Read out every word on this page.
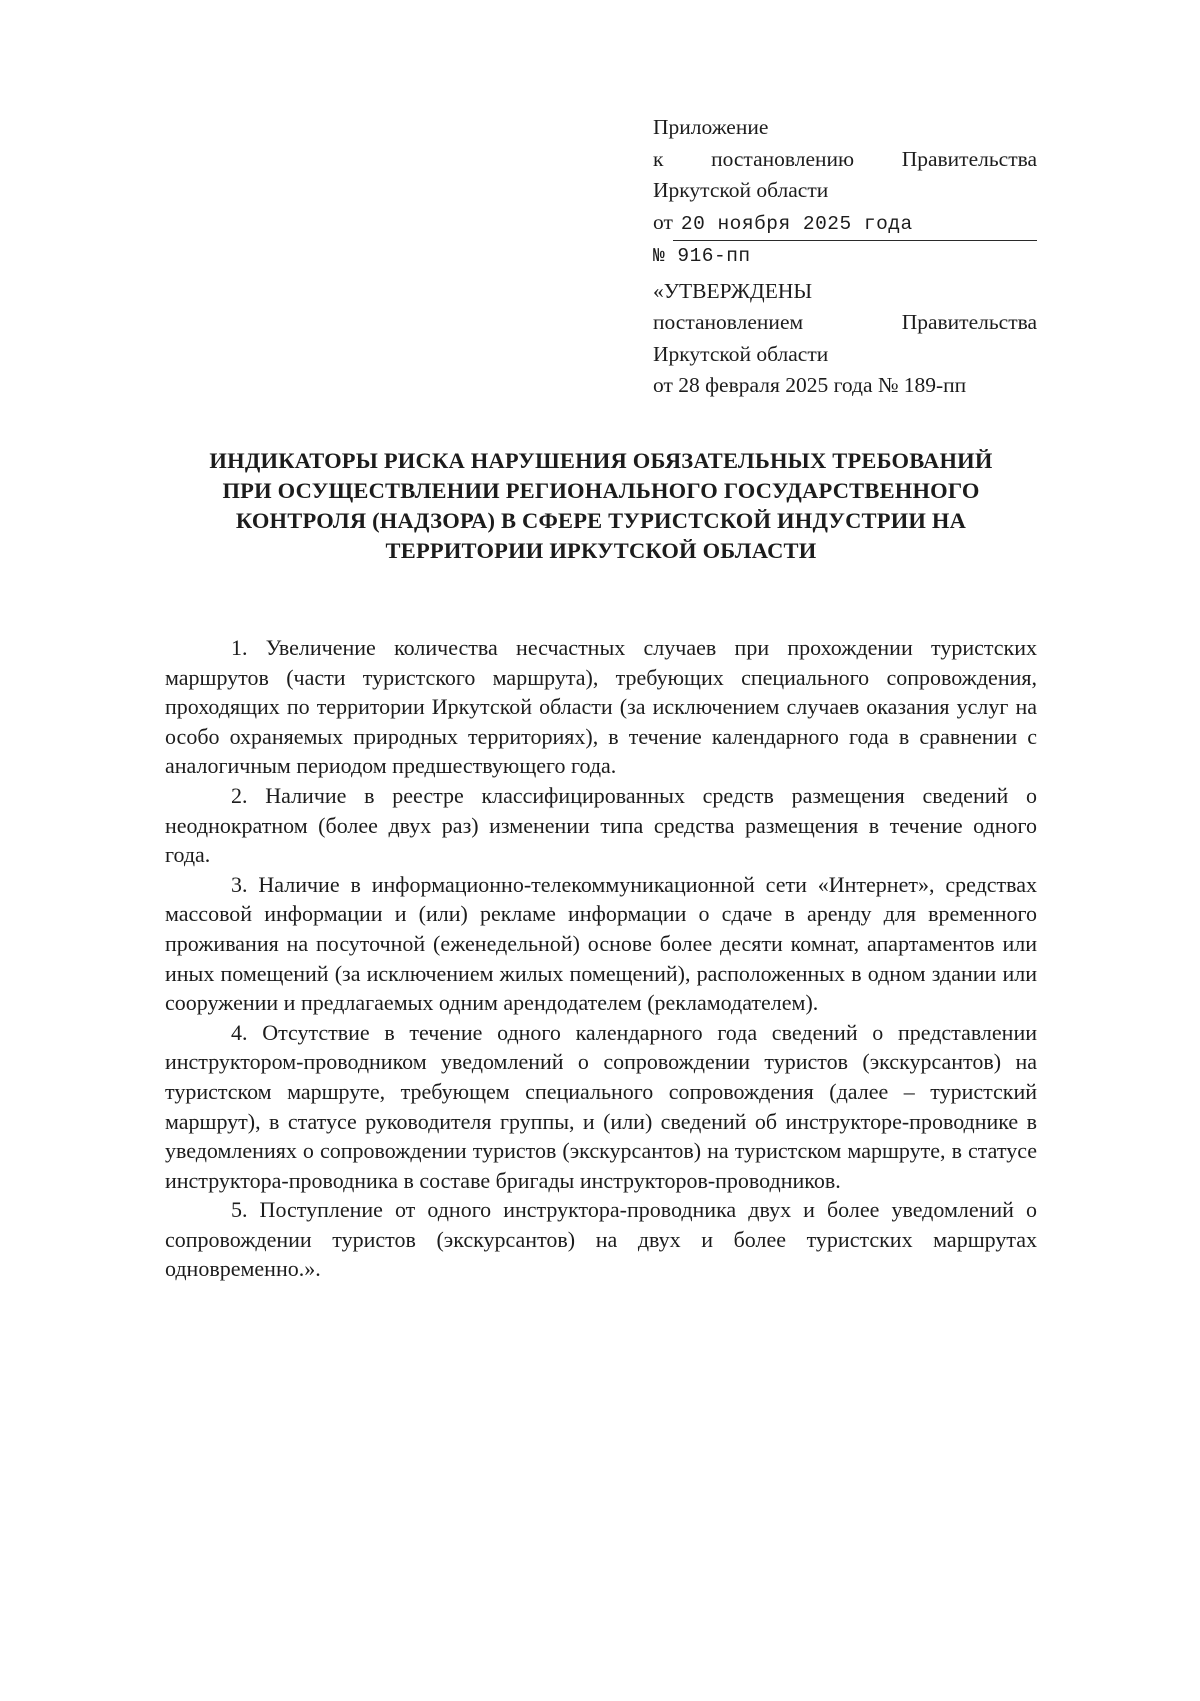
Приложение
к постановлению Правительства
Иркутской области
от 20 ноября 2025 года
№ 916-пп
«УТВЕРЖДЕНЫ
постановлением Правительства
Иркутской области
от 28 февраля 2025 года № 189-пп
ИНДИКАТОРЫ РИСКА НАРУШЕНИЯ ОБЯЗАТЕЛЬНЫХ ТРЕБОВАНИЙ ПРИ ОСУЩЕСТВЛЕНИИ РЕГИОНАЛЬНОГО ГОСУДАРСТВЕННОГО КОНТРОЛЯ (НАДЗОРА) В СФЕРЕ ТУРИСТСКОЙ ИНДУСТРИИ НА ТЕРРИТОРИИ ИРКУТСКОЙ ОБЛАСТИ

1. Увеличение количества несчастных случаев при прохождении туристских маршрутов (части туристского маршрута), требующих специального сопровождения, проходящих по территории Иркутской области (за исключением случаев оказания услуг на особо охраняемых природных территориях), в течение календарного года в сравнении с аналогичным периодом предшествующего года.

2. Наличие в реестре классифицированных средств размещения сведений о неоднократном (более двух раз) изменении типа средства размещения в течение одного года.

3. Наличие в информационно-телекоммуникационной сети «Интернет», средствах массовой информации и (или) рекламе информации о сдаче в аренду для временного проживания на посуточной (еженедельной) основе более десяти комнат, апартаментов или иных помещений (за исключением жилых помещений), расположенных в одном здании или сооружении и предлагаемых одним арендодателем (рекламодателем).

4. Отсутствие в течение одного календарного года сведений о представлении инструктором-проводником уведомлений о сопровождении туристов (экскурсантов) на туристском маршруте, требующем специального сопровождения (далее – туристский маршрут), в статусе руководителя группы, и (или) сведений об инструкторе-проводнике в уведомлениях о сопровождении туристов (экскурсантов) на туристском маршруте, в статусе инструктора-проводника в составе бригады инструкторов-проводников.

5. Поступление от одного инструктора-проводника двух и более уведомлений о сопровождении туристов (экскурсантов) на двух и более туристских маршрутах одновременно.».
